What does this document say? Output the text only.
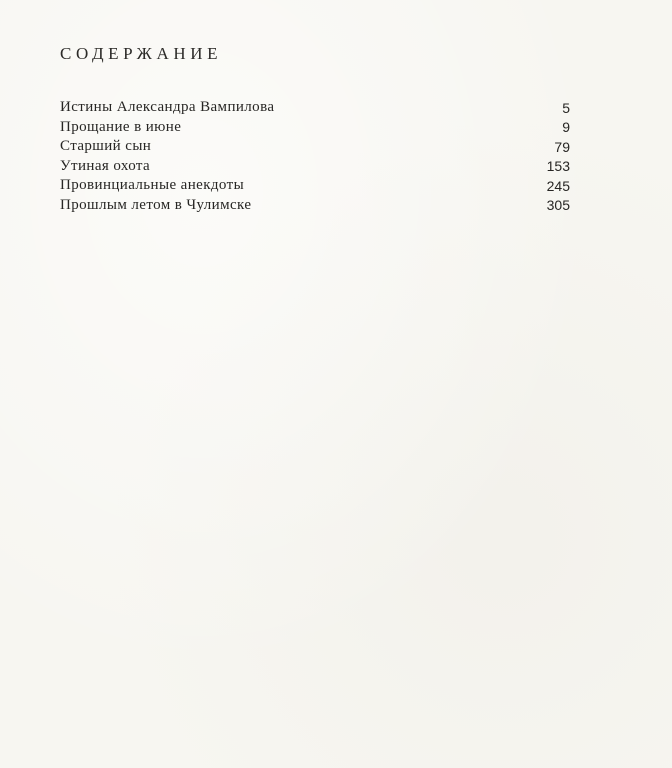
СОДЕРЖАНИЕ
Истины Александра Вампилова	5
Прощание в июне	9
Старший сын	79
Утиная охота	153
Провинциальные анекдоты	245
Прошлым летом в Чулимске	305
